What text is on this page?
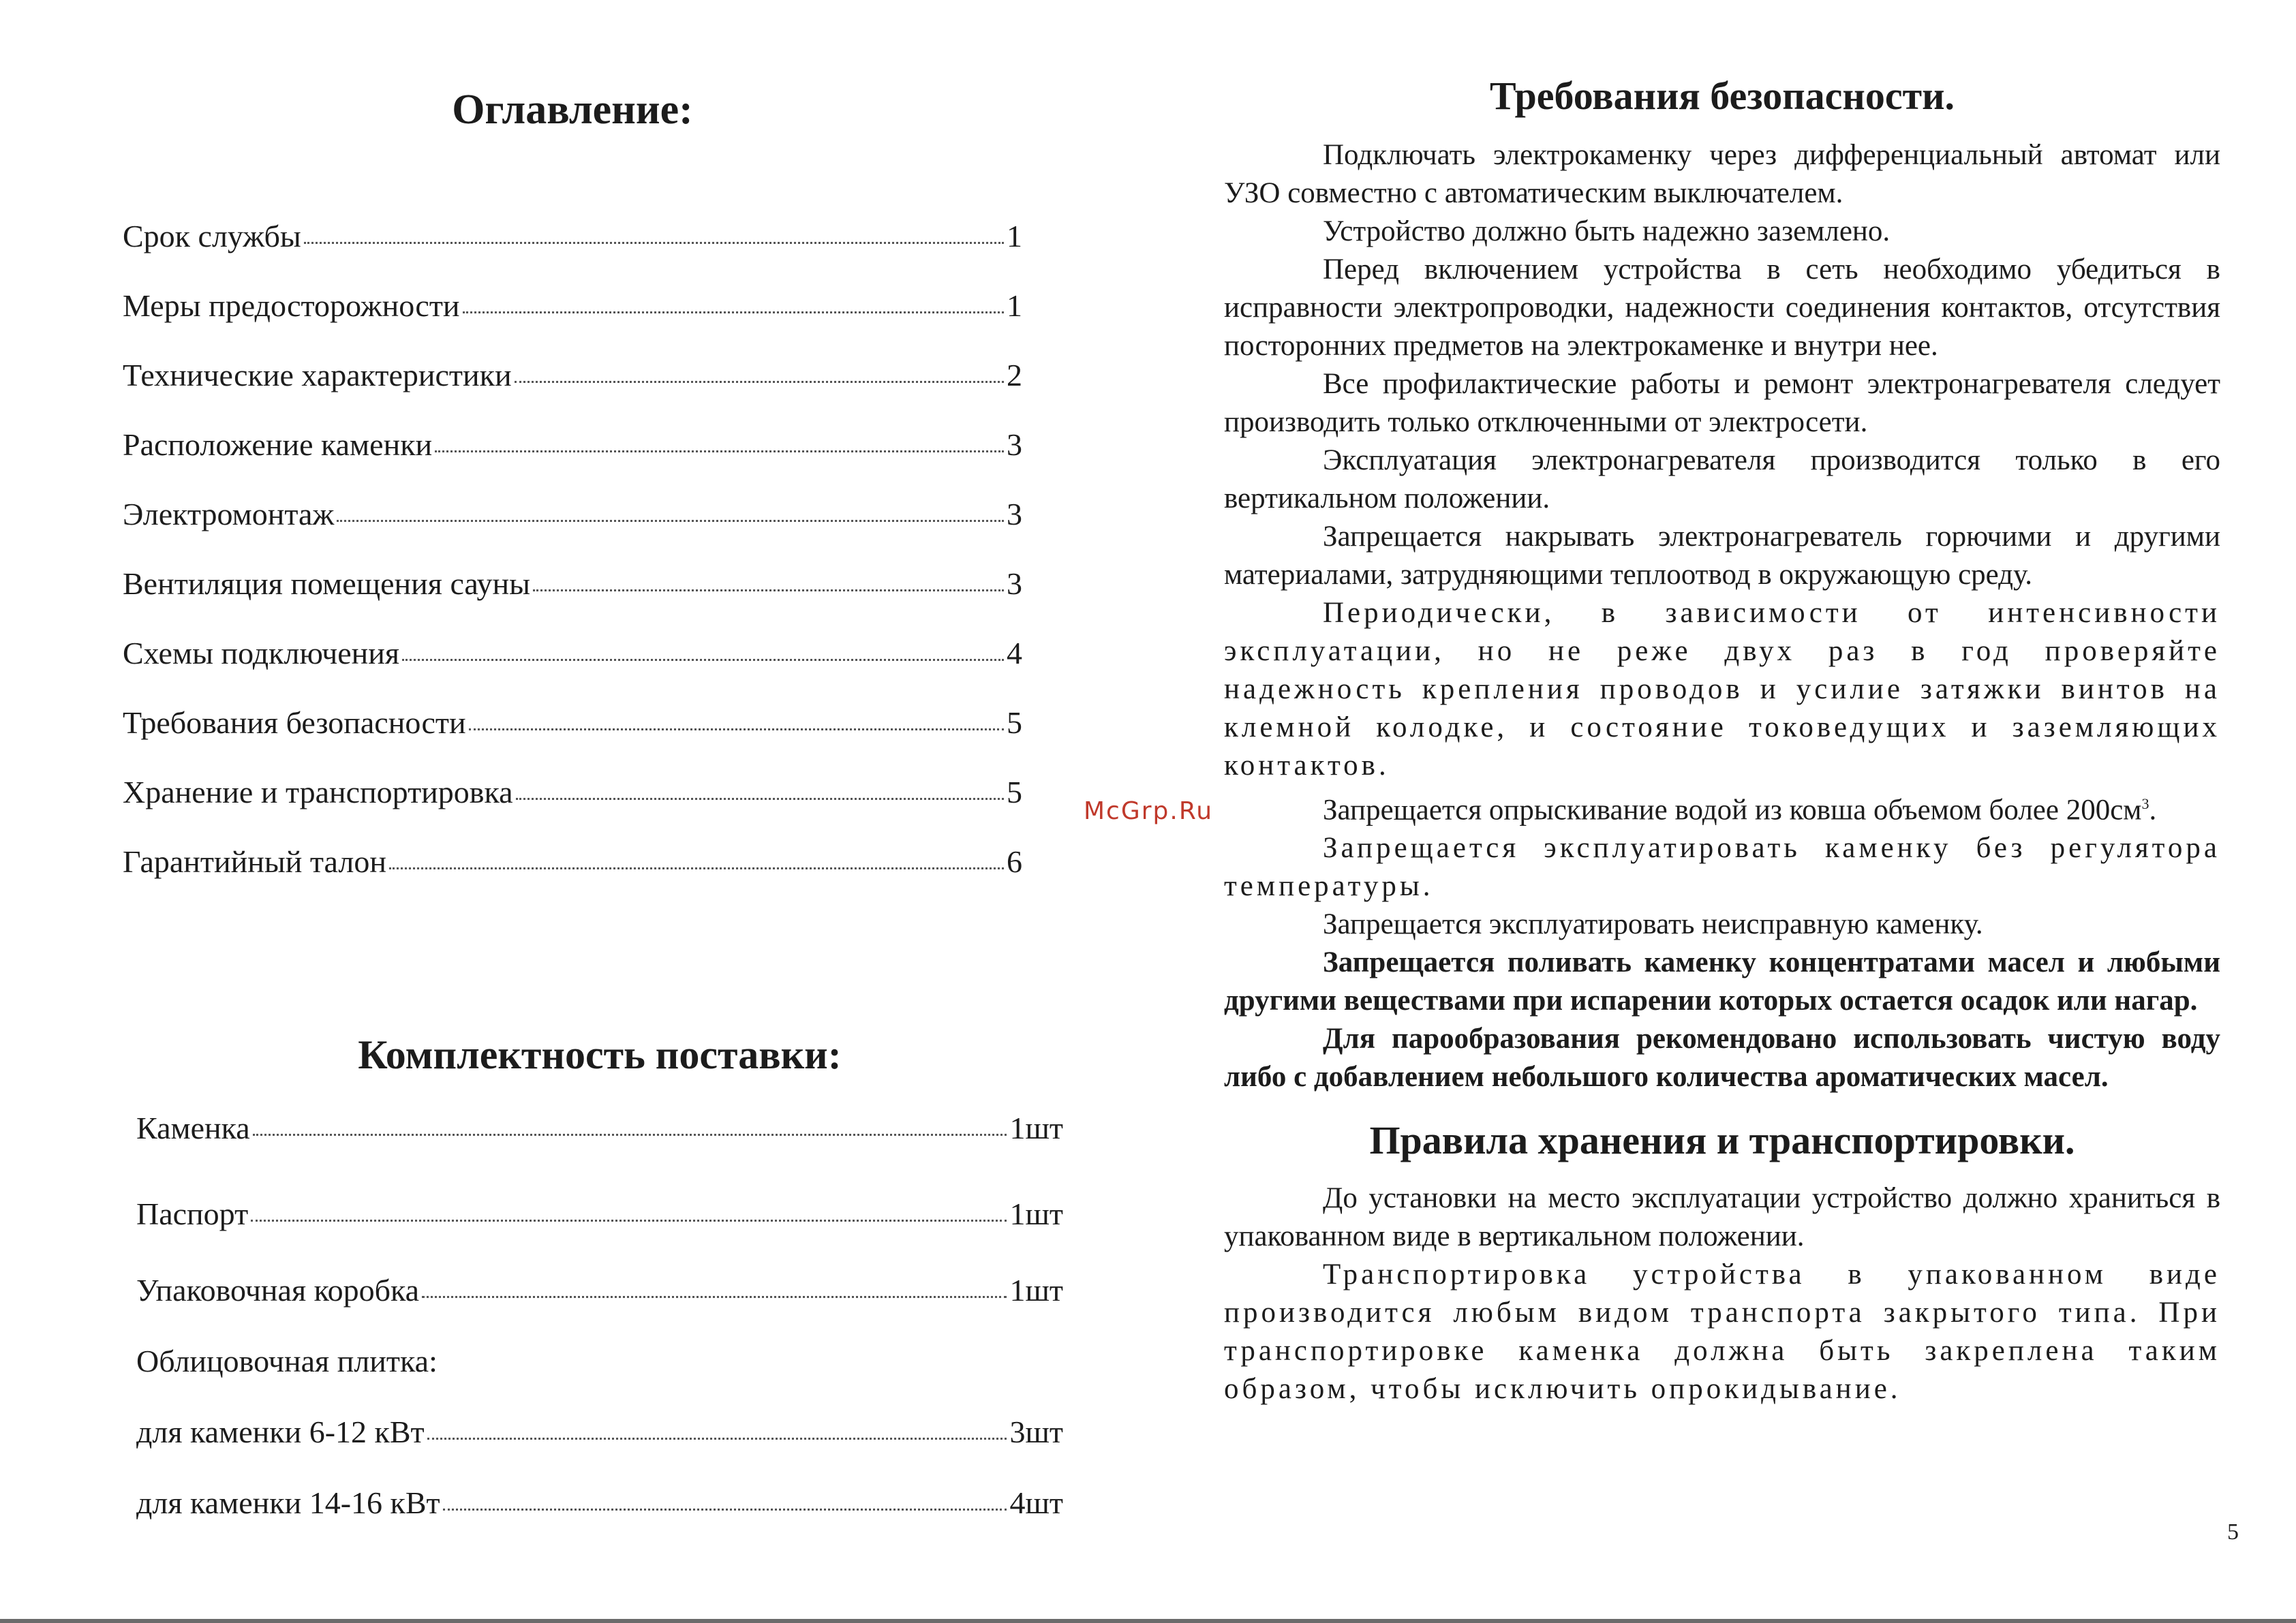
Оглавление:
Срок службы	1
Меры предосторожности	1
Технические характеристики	2
Расположение каменки	3
Электромонтаж	3
Вентиляция помещения сауны	3
Схемы подключения	4
Требования безопасности	5
Хранение и транспортировка	5
Гарантийный талон	6
Комплектность поставки:
Каменка	1шт
Паспорт	1шт
Упаковочная коробка	1шт
Облицовочная плитка:
для каменки 6-12 кВт	3шт
для каменки 14-16 кВт	4шт
McGrp.Ru
Требования безопасности.

Подключать электрокаменку через дифференциальный автомат или УЗО совместно с автоматическим выключателем.

Устройство должно быть надежно заземлено.

Перед включением устройства в сеть необходимо убедиться в исправности электропроводки, надежности соединения контактов, отсутствия посторонних предметов на электрокаменке и внутри нее.

Все профилактические работы и ремонт электронагревателя следует производить только отключенными от электросети.

Эксплуатация электронагревателя производится только в его вертикальном положении.

Запрещается накрывать электронагреватель горючими и другими материалами, затрудняющими теплоотвод в окружающую среду.

Периодически, в зависимости от интенсивности эксплуатации, но не реже двух раз в год проверяйте надежность крепления проводов и усилие затяжки винтов на клемной колодке, и состояние токоведущих и заземляющих контактов.

Запрещается опрыскивание водой из ковша объемом более $200см^3$.

Запрещается эксплуатировать каменку без регулятора температуры.

Запрещается эксплуатировать неисправную каменку.

Запрещается поливать каменку концентратами масел и любыми другими веществами при испарении которых остается осадок или нагар.

Для парообразования рекомендовано использовать чистую воду либо с добавлением небольшого количества ароматических масел.

Правила хранения и транспортировки.

До установки на место эксплуатации устройство должно храниться в упакованном виде в вертикальном положении.

Транспортировка устройства в упакованном виде производится любым видом транспорта закрытого типа. При транспортировке каменка должна быть закреплена таким образом, чтобы исключить опрокидывание.

5
